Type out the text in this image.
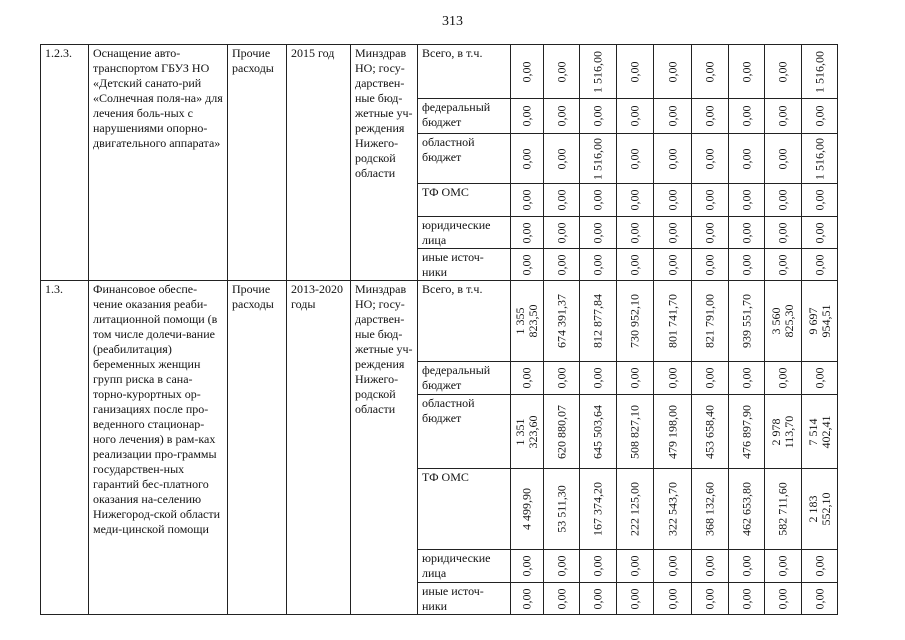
313
1.2.3.	Оснащение авто-транспортом ГБУЗ НО «Детский санато-рий «Солнечная поля-на» для лечения боль-ных с нарушениями опорно-двигательного аппарата»	Прочие расходы	2015 год	Минздрав НО; госу-дарствен-ные бюд-жетные уч-реждения Нижего-родской области	Всего, в т.ч.	0,00	0,00	1 516,00	0,00	0,00	0,00	0,00	0,00	1 516,00

					федеральный бюджет	0,00	0,00	0,00	0,00	0,00	0,00	0,00	0,00	0,00

					областной бюджет	0,00	0,00	1 516,00	0,00	0,00	0,00	0,00	0,00	1 516,00

					ТФ ОМС	0,00	0,00	0,00	0,00	0,00	0,00	0,00	0,00	0,00

					юридические лица	0,00	0,00	0,00	0,00	0,00	0,00	0,00	0,00	0,00

					иные источ-ники	0,00	0,00	0,00	0,00	0,00	0,00	0,00	0,00	0,00

1.3.	Финансовое обеспе-чение оказания реаби-литационной помощи (в том числе долечи-вание (реабилитация) беременных женщин групп риска в сана-торно-курортных ор-ганизациях после про-веденного стационар-ного лечения) в рам-ках реализации про-граммы государствен-ных гарантий бес-платного оказания на-селению Нижегород-ской области меди-цинской помощи	Прочие расходы	2013-2020 годы	Минздрав НО; госу-дарствен-ные бюд-жетные уч-реждения Нижего-родской области	Всего, в т.ч.	1 355 823,50	674 391,37	812 877,84	730 952,10	801 741,70	821 791,00	939 551,70	3 560 825,30	9 697 954,51

					федеральный бюджет	0,00	0,00	0,00	0,00	0,00	0,00	0,00	0,00	0,00

					областной бюджет	1 351 323,60	620 880,07	645 503,64	508 827,10	479 198,00	453 658,40	476 897,90	2 978 113,70	7 514 402,41

					ТФ ОМС	4 499,90	53 511,30	167 374,20	222 125,00	322 543,70	368 132,60	462 653,80	582 711,60	2 183 552,10

					юридические лица	0,00	0,00	0,00	0,00	0,00	0,00	0,00	0,00	0,00

					иные источ-ники	0,00	0,00	0,00	0,00	0,00	0,00	0,00	0,00	0,00
